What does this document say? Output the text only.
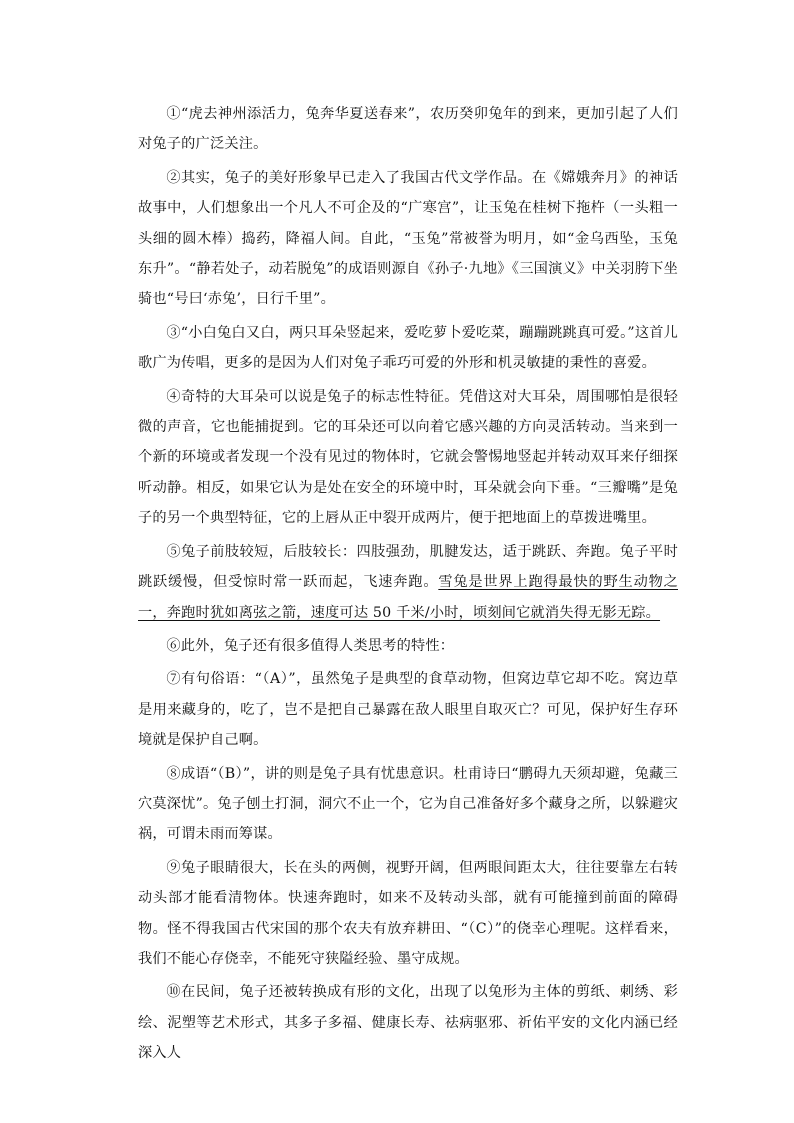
①“虎去神州添活力，兔奔华夏送春来”，农历癸卯兔年的到来，更加引起了人们对兔子的广泛关注。

②其实，兔子的美好形象早已走入了我国古代文学作品。在《嫦娥奔月》的神话故事中，人们想象出一个凡人不可企及的“广寒宫”，让玉兔在桂树下拖杵（一头粗一头细的圆木棒）捣药，降福人间。自此，“玉兔”常被誉为明月，如“金乌西坠，玉兔东升”。“静若处子，动若脱兔”的成语则源自《孙子·九地》《三国演义》中关羽胯下坐骑也“号曰‘赤兔’，日行千里”。

③“小白兔白又白，两只耳朵竖起来，爱吃萝卜爱吃菜，蹦蹦跳跳真可爱。”这首儿歌广为传唱，更多的是因为人们对兔子乖巧可爱的外形和机灵敏捷的秉性的喜爱。

④奇特的大耳朵可以说是兔子的标志性特征。凭借这对大耳朵，周围哪怕是很轻微的声音，它也能捕捉到。它的耳朵还可以向着它感兴趣的方向灵活转动。当来到一个新的环境或者发现一个没有见过的物体时，它就会警惕地竖起并转动双耳来仔细探听动静。相反，如果它认为是处在安全的环境中时，耳朵就会向下垂。“三瓣嘴”是兔子的另一个典型特征，它的上唇从正中裂开成两片，便于把地面上的草拨进嘴里。

⑤兔子前肢较短，后肢较长：四肢强劲，肌腱发达，适于跳跃、奔跑。兔子平时跳跃缓慢，但受惊时常一跃而起，飞速奔跑。雪兔是世界上跑得最快的野生动物之一，奔跑时犹如离弦之箭，速度可达 50 千米/小时，顷刻间它就消失得无影无踪。

⑥此外，兔子还有很多值得人类思考的特性：

⑦有句俗语：“（A）”，虽然兔子是典型的食草动物，但窝边草它却不吃。窝边草是用来藏身的，吃了，岂不是把自己暴露在敌人眼里自取灭亡？可见，保护好生存环境就是保护自己啊。

⑧成语“（B）”，讲的则是兔子具有忧患意识。杜甫诗曰“鹏碍九天须却避，兔藏三穴莫深忧”。兔子刨土打洞，洞穴不止一个，它为自己准备好多个藏身之所，以躲避灾祸，可谓未雨而筹谋。

⑨兔子眼睛很大，长在头的两侧，视野开阔，但两眼间距太大，往往要靠左右转动头部才能看清物体。快速奔跑时，如来不及转动头部，就有可能撞到前面的障碍物。怪不得我国古代宋国的那个农夫有放弃耕田、“（C）”的侥幸心理呢。这样看来，我们不能心存侥幸，不能死守狭隘经验、墨守成规。

⑩在民间，兔子还被转换成有形的文化，出现了以兔形为主体的剪纸、刺绣、彩绘、泥塑等艺术形式，其多子多福、健康长寿、祛病驱邪、祈佑平安的文化内涵已经深入人
